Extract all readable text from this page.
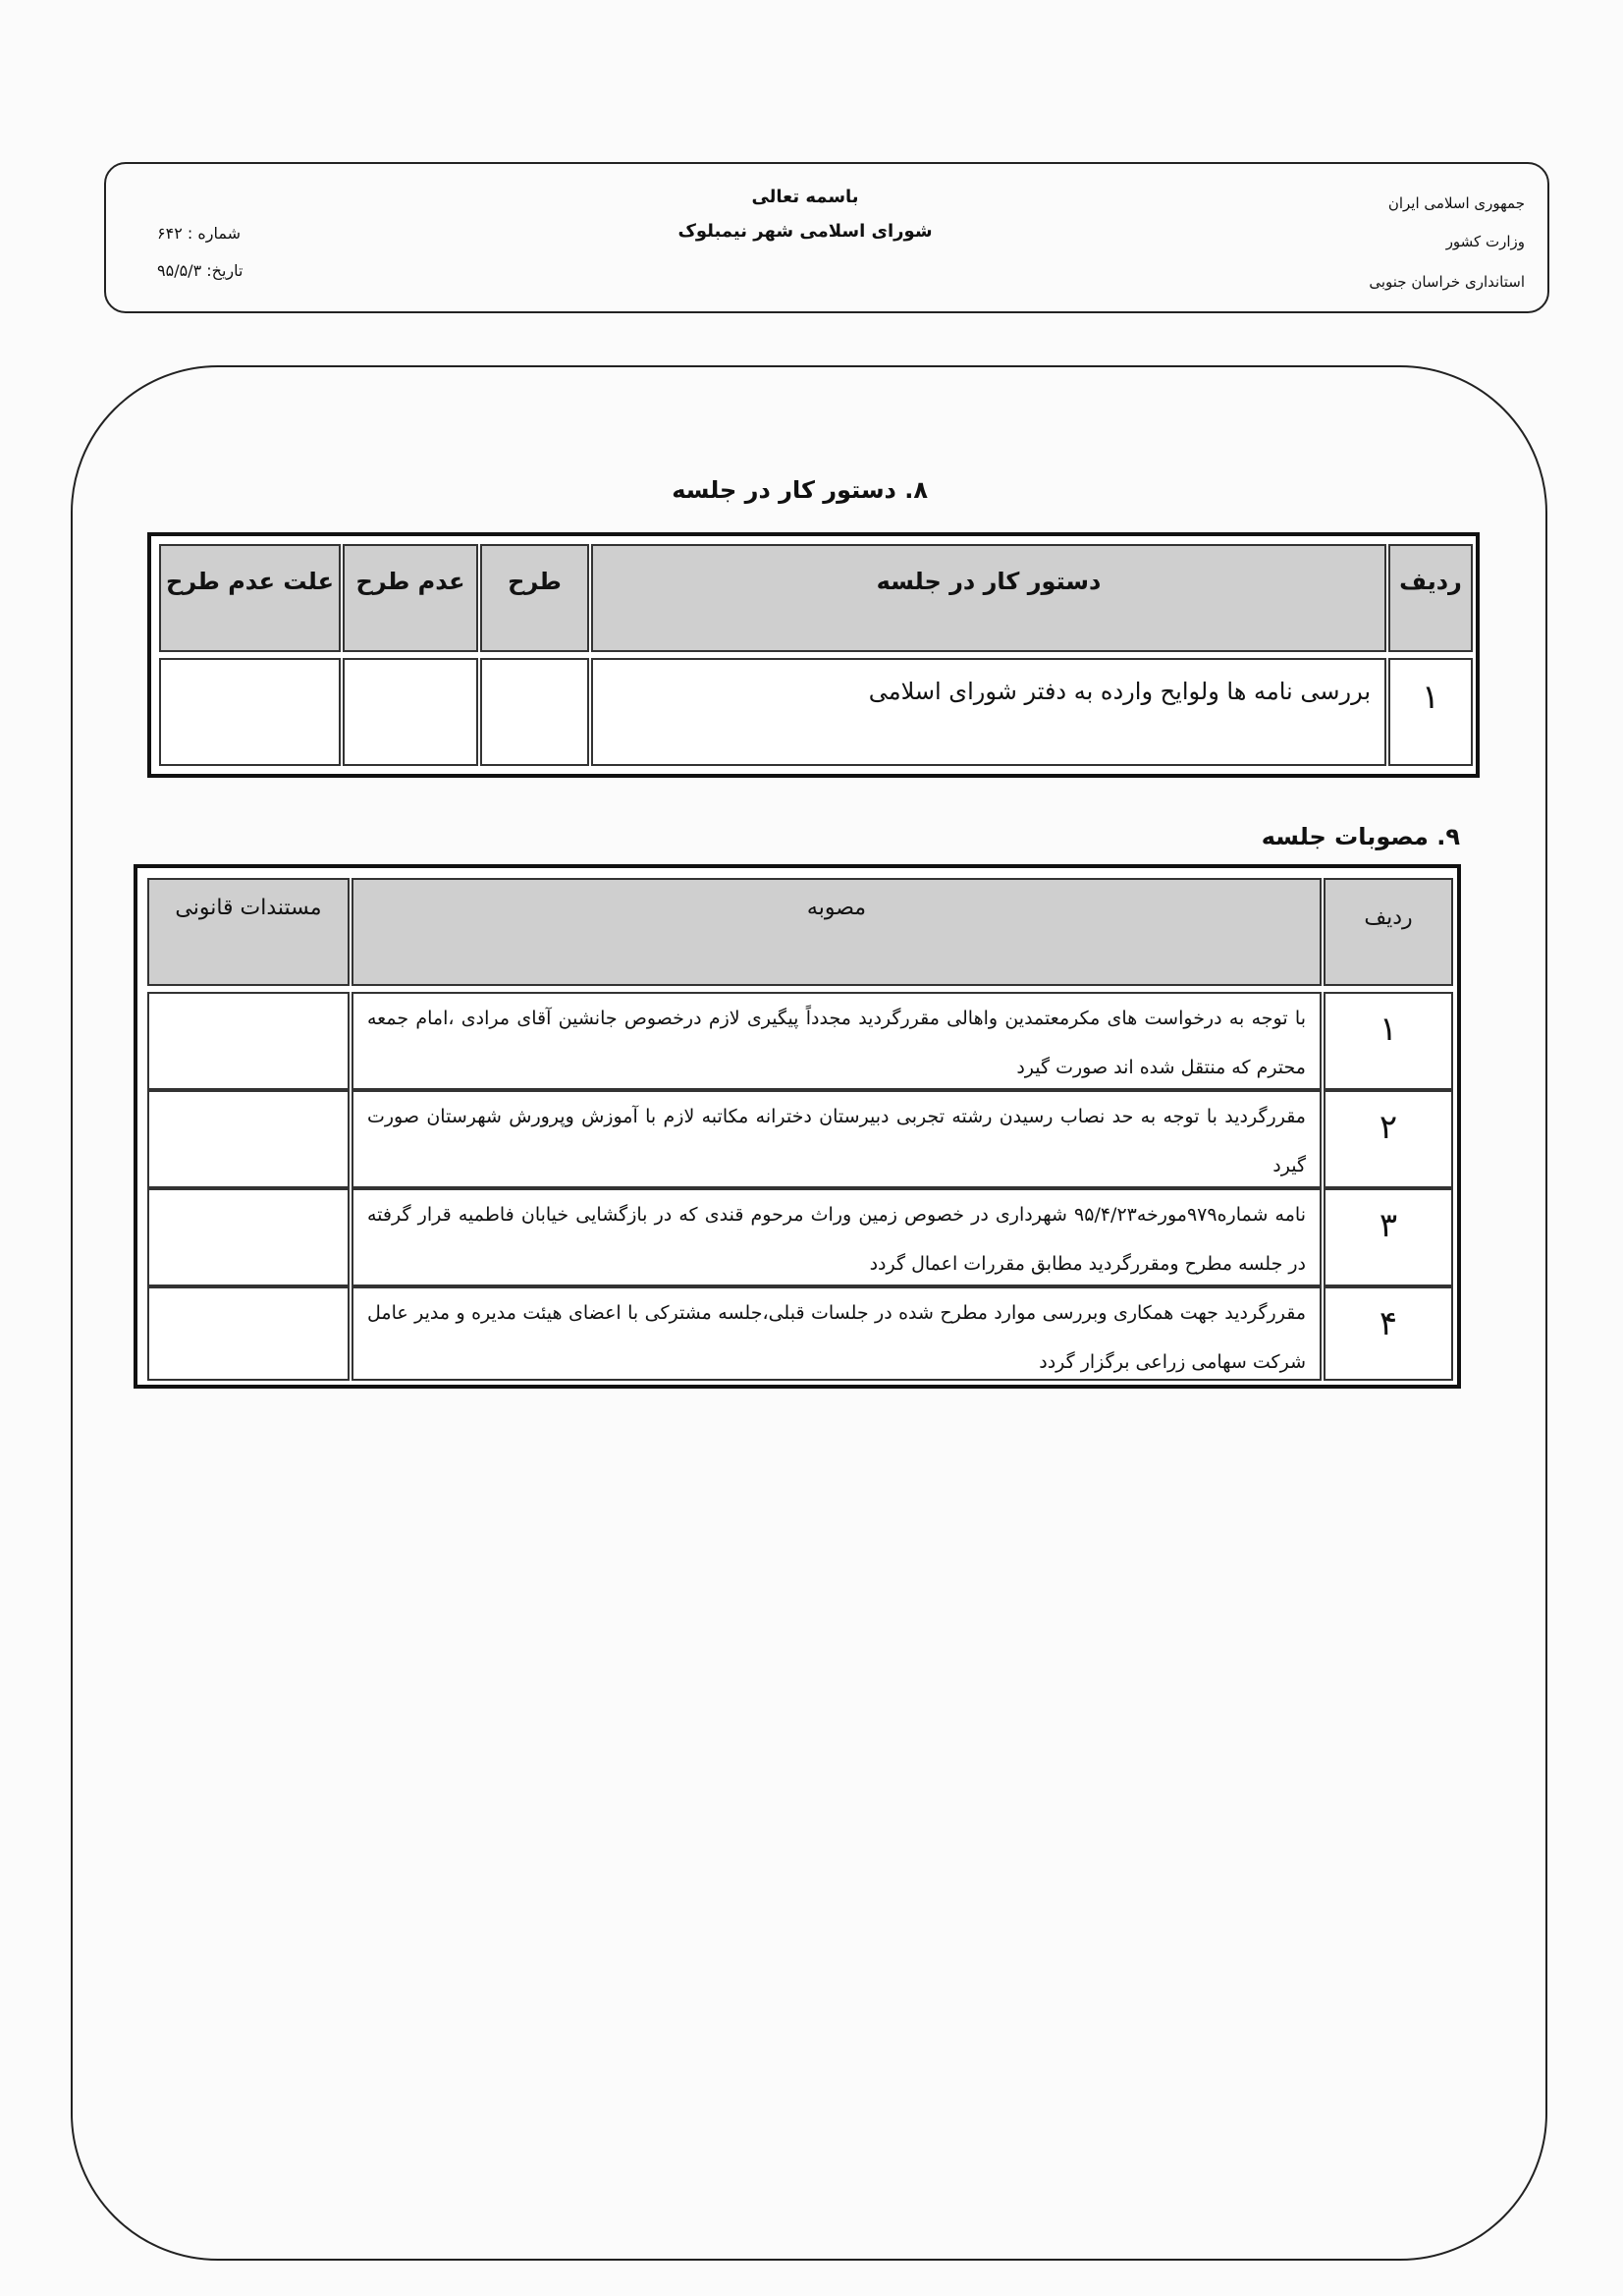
باسمه تعالی
شورای اسلامی شهر نیمبلوک
جمهوری اسلامی ایران
وزارت کشور
استانداری خراسان جنوبی
شماره : ۶۴۲
تاریخ: ۹۵/۵/۳
۸. دستور کار در جلسه
ردیف
دستور کار در جلسه
طرح
عدم طرح
علت عدم طرح
۱
بررسی نامه ها ولوایح وارده به دفتر شورای اسلامی
۹. مصوبات جلسه
ردیف
مصوبه
مستندات قانونی
۱
با توجه به درخواست های مکرمعتمدین واهالی مقررگردید مجدداً پیگیری لازم درخصوص جانشین آقای مرادی ،امام جمعه محترم که منتقل شده اند صورت گیرد
۲
مقررگردید با توجه به حد نصاب رسیدن رشته تجربی دبیرستان دخترانه مکاتبه لازم با آموزش وپرورش شهرستان صورت گیرد
۳
نامه شماره۹۷۹مورخه۹۵/۴/۲۳ شهرداری در خصوص زمین وراث مرحوم قندی که در بازگشایی خیابان فاطمیه قرار گرفته در جلسه مطرح ومقررگردید مطابق مقررات اعمال گردد
۴
مقررگردید جهت همکاری وبررسی موارد مطرح شده در جلسات قبلی،جلسه مشترکی با اعضای هیئت مدیره و مدیر عامل شرکت سهامی زراعی برگزار گردد
